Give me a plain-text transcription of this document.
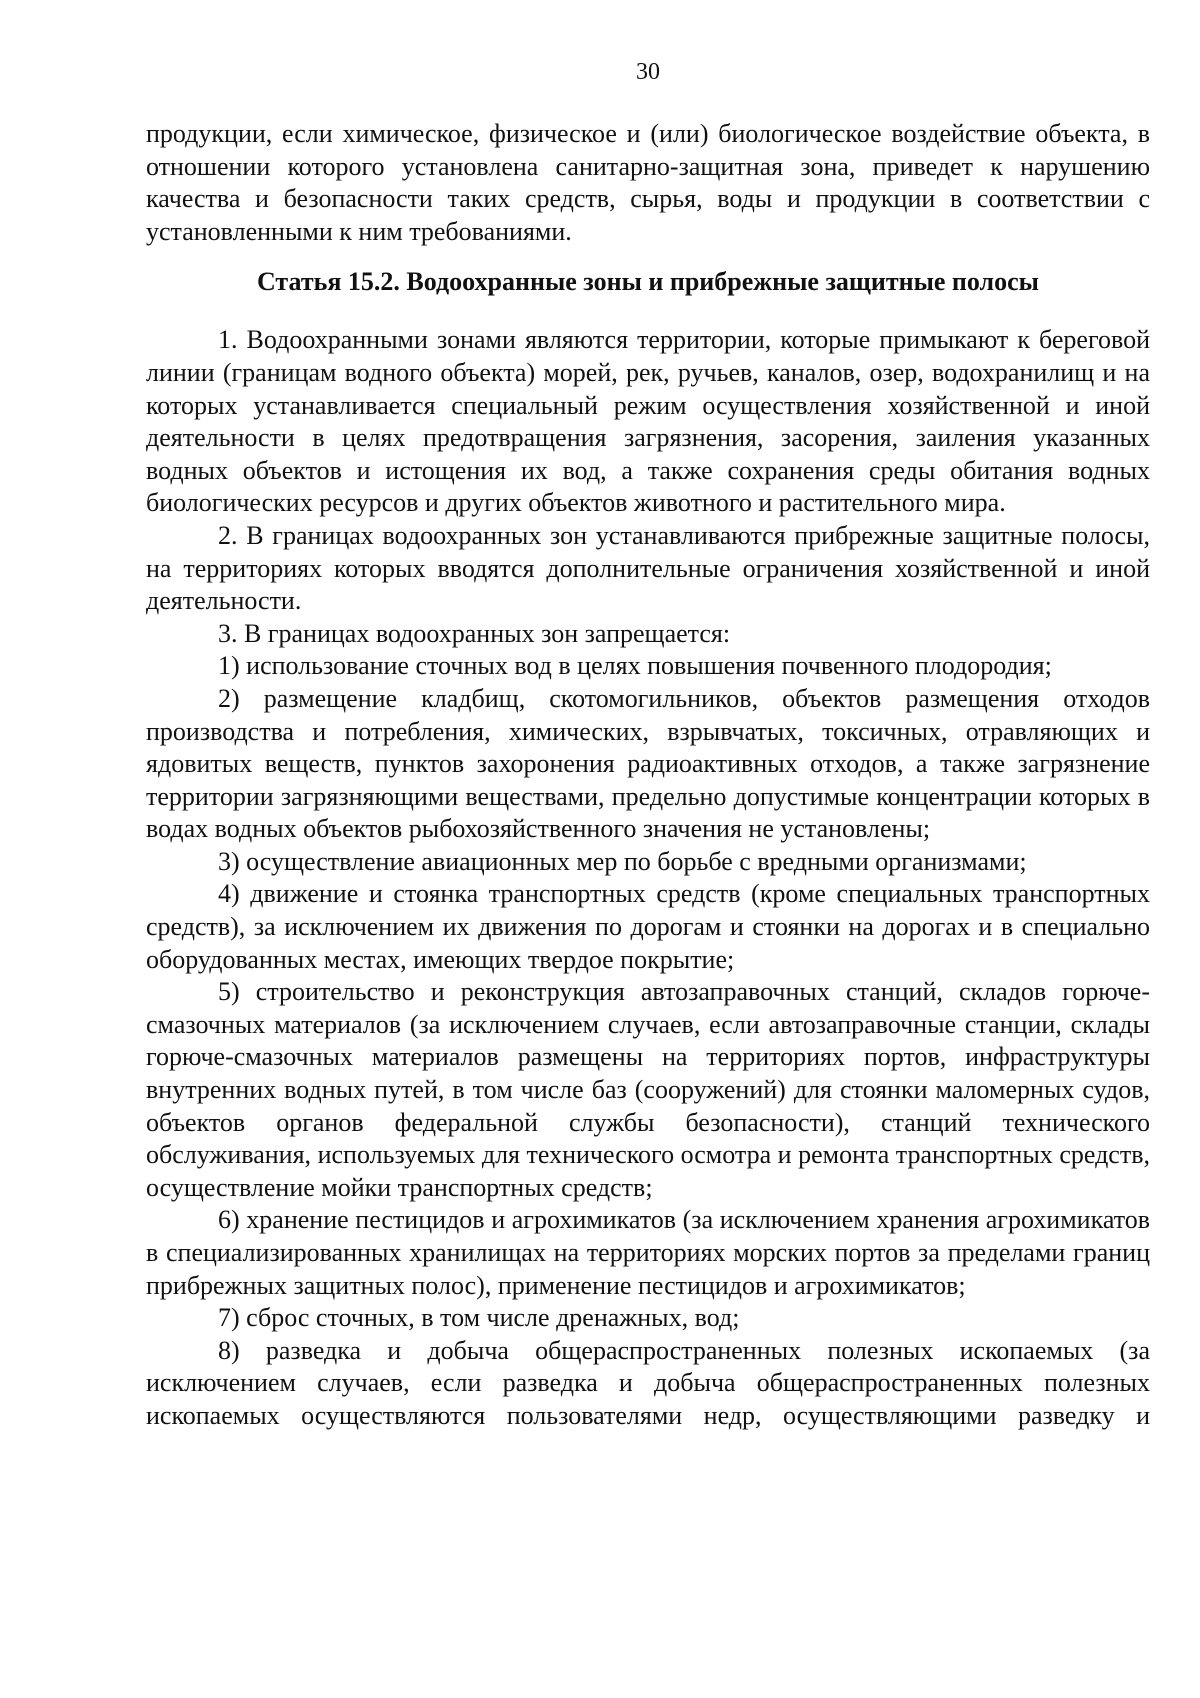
30

продукции, если химическое, физическое и (или) биологическое воздействие объекта, в отношении которого установлена санитарно-защитная зона, приведет к нарушению качества и безопасности таких средств, сырья, воды и продукции в соответствии с установленными к ним требованиями.

Статья 15.2. Водоохранные зоны и прибрежные защитные полосы

1. Водоохранными зонами являются территории, которые примыкают к береговой линии (границам водного объекта) морей, рек, ручьев, каналов, озер, водохранилищ и на которых устанавливается специальный режим осуществления хозяйственной и иной деятельности в целях предотвращения загрязнения, засорения, заиления указанных водных объектов и истощения их вод, а также сохранения среды обитания водных биологических ресурсов и других объектов животного и растительного мира.

2. В границах водоохранных зон устанавливаются прибрежные защитные полосы, на территориях которых вводятся дополнительные ограничения хозяйственной и иной деятельности.

3. В границах водоохранных зон запрещается:

1) использование сточных вод в целях повышения почвенного плодородия;

2) размещение кладбищ, скотомогильников, объектов размещения отходов производства и потребления, химических, взрывчатых, токсичных, отравляющих и ядовитых веществ, пунктов захоронения радиоактивных отходов, а также загрязнение территории загрязняющими веществами, предельно допустимые концентрации которых в водах водных объектов рыбохозяйственного значения не установлены;

3) осуществление авиационных мер по борьбе с вредными организмами;

4) движение и стоянка транспортных средств (кроме специальных транспортных средств), за исключением их движения по дорогам и стоянки на дорогах и в специально оборудованных местах, имеющих твердое покрытие;

5) строительство и реконструкция автозаправочных станций, складов горюче-смазочных материалов (за исключением случаев, если автозаправочные станции, склады горюче-смазочных материалов размещены на территориях портов, инфраструктуры внутренних водных путей, в том числе баз (сооружений) для стоянки маломерных судов, объектов органов федеральной службы безопасности), станций технического обслуживания, используемых для технического осмотра и ремонта транспортных средств, осуществление мойки транспортных средств;

6) хранение пестицидов и агрохимикатов (за исключением хранения агрохимикатов в специализированных хранилищах на территориях морских портов за пределами границ прибрежных защитных полос), применение пестицидов и агрохимикатов;

7) сброс сточных, в том числе дренажных, вод;

8) разведка и добыча общераспространенных полезных ископаемых (за исключением случаев, если разведка и добыча общераспространенных полезных ископаемых осуществляются пользователями недр, осуществляющими разведку и
